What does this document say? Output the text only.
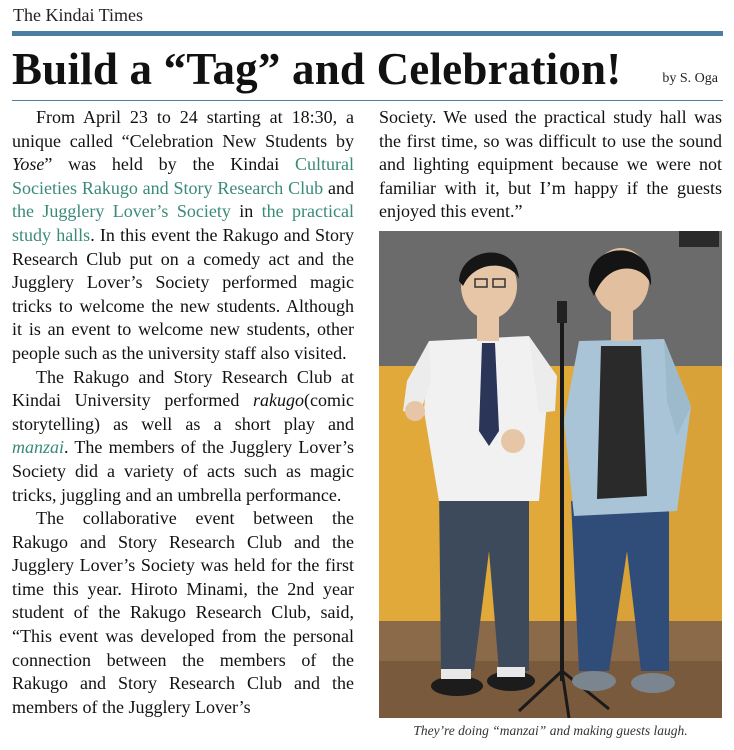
The Kindai Times
Build a “Tag” and Celebration!	by S. Oga

From April 23 to 24 starting at 18:30, a unique called “Celebration New Students by Yose” was held by the Kindai Cultural Societies Rakugo and Story Research Club and the Jugglery Lover’s Society in the practical study halls. In this event the Rakugo and Story Research Club put on a comedy act and the Jugglery Lover’s Society performed magic tricks to welcome the new students. Although it is an event to welcome new students, other people such as the university staff also visited.

The Rakugo and Story Research Club at Kindai University performed rakugo(comic storytelling) as well as a short play and manzai. The members of the Jugglery Lover’s Society did a variety of acts such as magic tricks, juggling and an umbrella performance.

The collaborative event between the Rakugo and Story Research Club and the Jugglery Lover’s Society was held for the first time this year. Hiroto Minami, the 2nd year student of the Rakugo Research Club, said, “This event was developed from the personal connection between the members of the Rakugo and Story Research Club and the members of the Jugglery Lover’s

Society. We used the practical study hall was the first time, so was difficult to use the sound and lighting equipment because we were not familiar with it, but I’m happy if the guests enjoyed this event.”

They’re doing “manzai” and making guests laugh.
